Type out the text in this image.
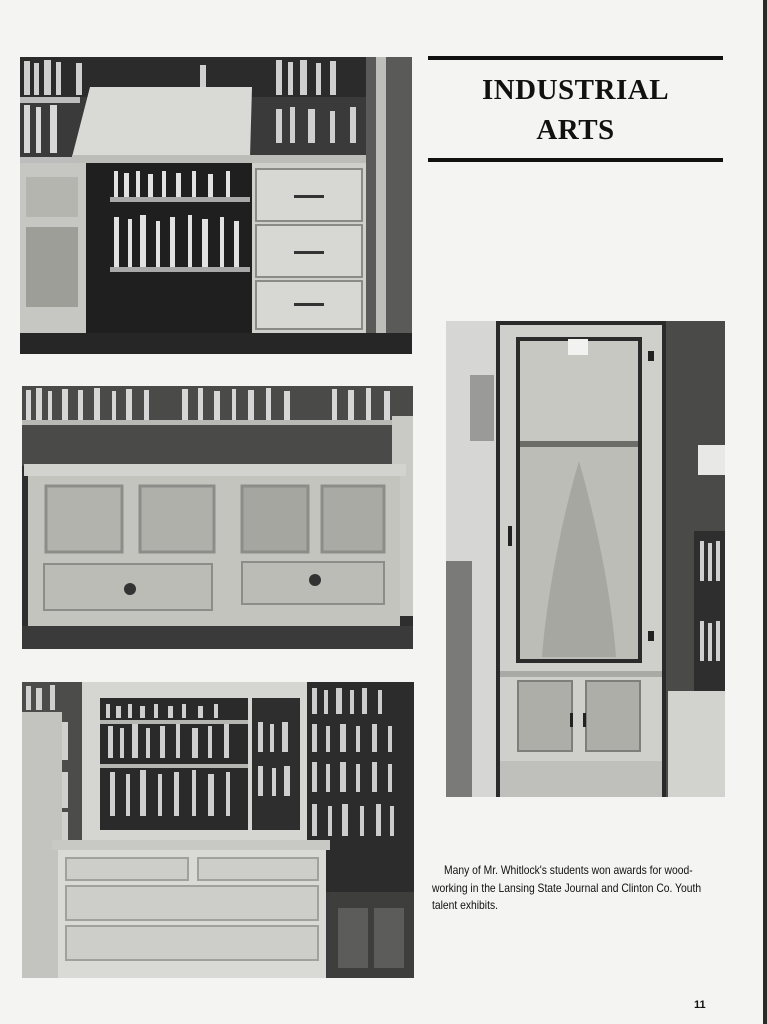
INDUSTRIAL
ARTS
Many of Mr. Whitlock's students won awards for wood-
working in the Lansing State Journal and Clinton Co. Youth
talent exhibits.
11
